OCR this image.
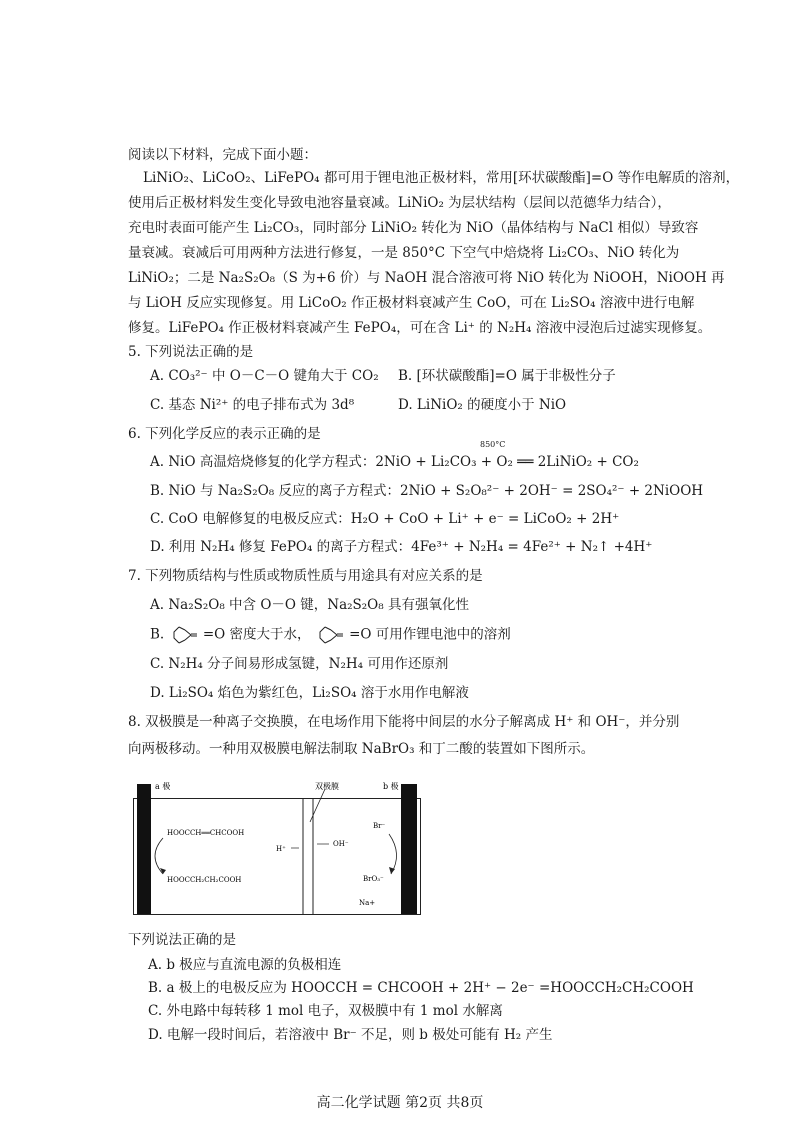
阅读以下材料，完成下面小题：
LiNiO₂、LiCoO₂、LiFePO₄ 都可用于锂电池正极材料，常用[环状碳酸酯]=O 等作电解质的溶剂，
使用后正极材料发生变化导致电池容量衰减。LiNiO₂ 为层状结构（层间以范德华力结合），
充电时表面可能产生 Li₂CO₃，同时部分 LiNiO₂ 转化为 NiO（晶体结构与 NaCl 相似）导致容
量衰减。衰减后可用两种方法进行修复，一是 850°C 下空气中焙烧将 Li₂CO₃、NiO 转化为
LiNiO₂；二是 Na₂S₂O₈（S 为+6 价）与 NaOH 混合溶液可将 NiO 转化为 NiOOH，NiOOH 再
与 LiOH 反应实现修复。用 LiCoO₂ 作正极材料衰减产生 CoO，可在 Li₂SO₄ 溶液中进行电解
修复。LiFePO₄ 作正极材料衰减产生 FePO₄，可在含 Li⁺ 的 N₂H₄ 溶液中浸泡后过滤实现修复。
5. 下列说法正确的是
A. CO₃²⁻ 中 O－C－O 键角大于 CO₂ B. [环状碳酸酯]=O 属于非极性分子
C. 基态 Ni²⁺ 的电子排布式为 3d⁸	D. LiNiO₂ 的硬度小于 NiO
6. 下列化学反应的表示正确的是
850°C
A. NiO 高温焙烧修复的化学方程式：2NiO + Li₂CO₃ + O₂ ══ 2LiNiO₂ + CO₂
B. NiO 与 Na₂S₂O₈ 反应的离子方程式：2NiO + S₂O₈²⁻ + 2OH⁻ = 2SO₄²⁻ + 2NiOOH
C. CoO 电解修复的电极反应式：H₂O + CoO + Li⁺ + e⁻ = LiCoO₂ + 2H⁺
D. 利用 N₂H₄ 修复 FePO₄ 的离子方程式：4Fe³⁺ + N₂H₄ = 4Fe²⁺ + N₂↑ +4H⁺
7. 下列物质结构与性质或物质性质与用途具有对应关系的是
A. Na₂S₂O₈ 中含 O－O 键，Na₂S₂O₈ 具有强氧化性
B.	=O 密度大于水，	=O 可用作锂电池中的溶剂
C. N₂H₄ 分子间易形成氢键，N₂H₄ 可用作还原剂
D. Li₂SO₄ 焰色为紫红色，Li₂SO₄ 溶于水用作电解液
8. 双极膜是一种离子交换膜，在电场作用下能将中间层的水分子解离成 H⁺ 和 OH⁻，并分别
向两极移动。一种用双极膜电解法制取 NaBrO₃ 和丁二酸的装置如下图所示。
a 极	b 极
双极膜
HOOCCH══CHCOOH
HOOCCH₂CH₂COOH
H⁺
OH⁻
Br⁻
BrO₃⁻
Na+
下列说法正确的是
A. b 极应与直流电源的负极相连
B. a 极上的电极反应为 HOOCCH = CHCOOH + 2H⁺ − 2e⁻ =HOOCCH₂CH₂COOH
C. 外电路中每转移 1 mol 电子，双极膜中有 1 mol 水解离
D. 电解一段时间后，若溶液中 Br⁻ 不足，则 b 极处可能有 H₂ 产生
高二化学试题 第2页 共8页
